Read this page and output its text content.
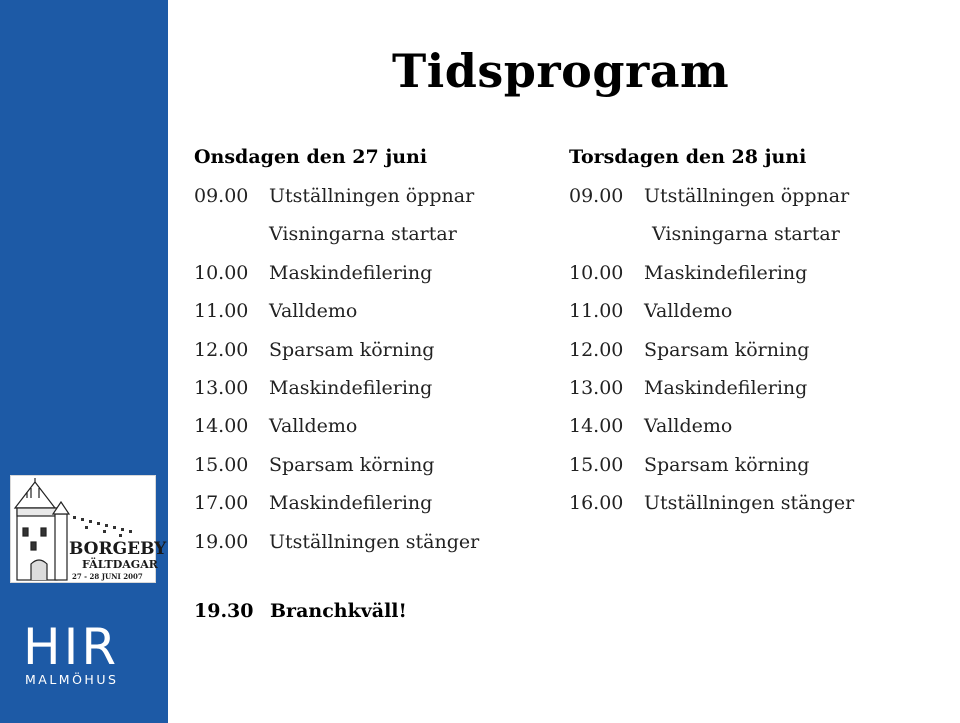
BORGEBY
FÄLTDAGAR
27 - 28 JUNI 2007
HIR
MALMÖHUS
Tidsprogram
Onsdagen den 27 juni
09.00 Utställningen öppnar
Visningarna startar
10.00 Maskindefilering
11.00 Valldemo
12.00 Sparsam körning
13.00 Maskindefilering
14.00 Valldemo
15.00 Sparsam körning
17.00 Maskindefilering
19.00 Utställningen stänger
Torsdagen den 28 juni
09.00 Utställningen öppnar
Visningarna startar
10.00 Maskindefilering
11.00 Valldemo
12.00 Sparsam körning
13.00 Maskindefilering
14.00 Valldemo
15.00 Sparsam körning
16.00 Utställningen stänger
19.30 Branchkväll!
